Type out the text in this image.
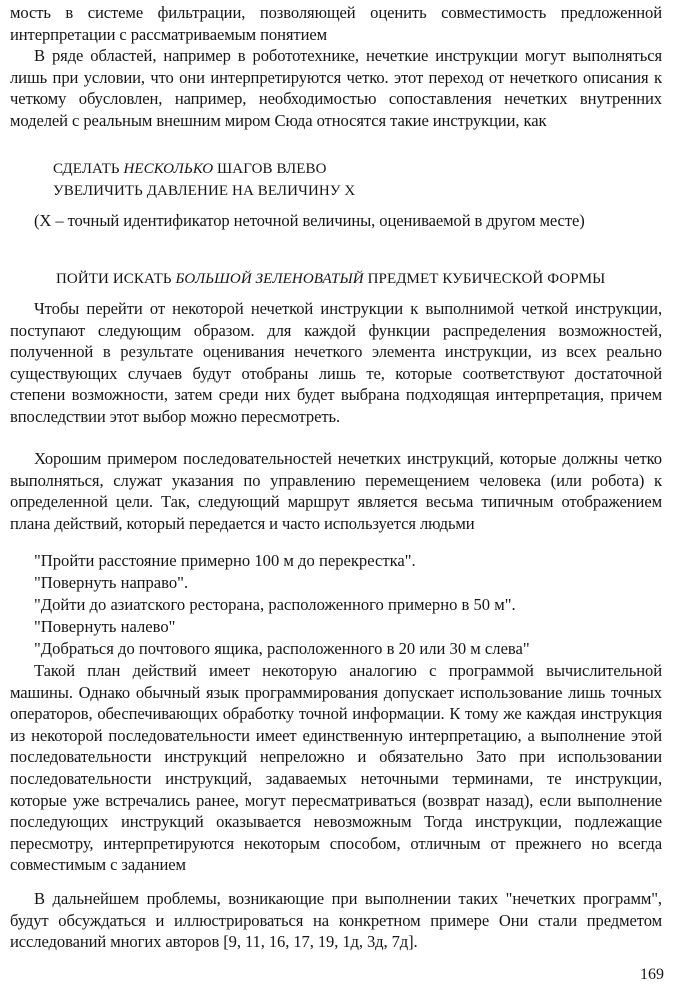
мость в системе фильтрации, позволяющей оценить совместимость предложенной интерпретации с рассматриваемым понятием

В ряде областей, например в робототехнике, нечеткие инструкции могут выполняться лишь при условии, что они интерпретируются четко. этот переход от нечеткого описания к четкому обусловлен, например, необходимостью сопоставления нечетких внутренних моделей с реальным внешним миром Сюда относятся такие инструкции, как

СДЕЛАТЬ НЕСКОЛЬКО ШАГОВ ВЛЕВО
УВЕЛИЧИТЬ ДАВЛЕНИЕ НА ВЕЛИЧИНУ Х

(Х – точный идентификатор неточной величины, оцениваемой в другом месте)

ПОЙТИ ИСКАТЬ БОЛЬШОЙ ЗЕЛЕНОВАТЫЙ ПРЕДМЕТ КУБИЧЕСКОЙ ФОРМЫ

Чтобы перейти от некоторой нечеткой инструкции к выполнимой четкой инструкции, поступают следующим образом. для каждой функции распределения возможностей, полученной в результате оценивания нечеткого элемента инструкции, из всех реально существующих случаев будут отобраны лишь те, которые соответствуют достаточной степени возможности, затем среди них будет выбрана подходящая интерпретация, причем впоследствии этот выбор можно пересмотреть.

Хорошим примером последовательностей нечетких инструкций, которые должны четко выполняться, служат указания по управлению перемещением человека (или робота) к определенной цели. Так, следующий маршрут является весьма типичным отображением плана действий, который передается и часто используется людьми

"Пройти расстояние примерно 100 м до перекрестка".
"Повернуть направо".
"Дойти до азиатского ресторана, расположенного примерно в 50 м".
"Повернуть налево"
"Добраться до почтового ящика, расположенного в 20 или 30 м слева"

Такой план действий имеет некоторую аналогию с программой вычислительной машины. Однако обычный язык программирования допускает использование лишь точных операторов, обеспечивающих обработку точной информации. К тому же каждая инструкция из некоторой последовательности имеет единственную интерпретацию, а выполнение этой последовательности инструкций непреложно и обязательно Зато при использовании последовательности инструкций, задаваемых неточными терминами, те инструкции, которые уже встречались ранее, могут пересматриваться (возврат назад), если выполнение последующих инструкций оказывается невозможным Тогда инструкции, подлежащие пересмотру, интерпретируются некоторым способом, отличным от прежнего но всегда совместимым с заданием

В дальнейшем проблемы, возникающие при выполнении таких "нечетких программ", будут обсуждаться и иллюстрироваться на конкретном примере Они стали предметом исследований многих авторов [9, 11, 16, 17, 19, 1д, 3д, 7д].

169
